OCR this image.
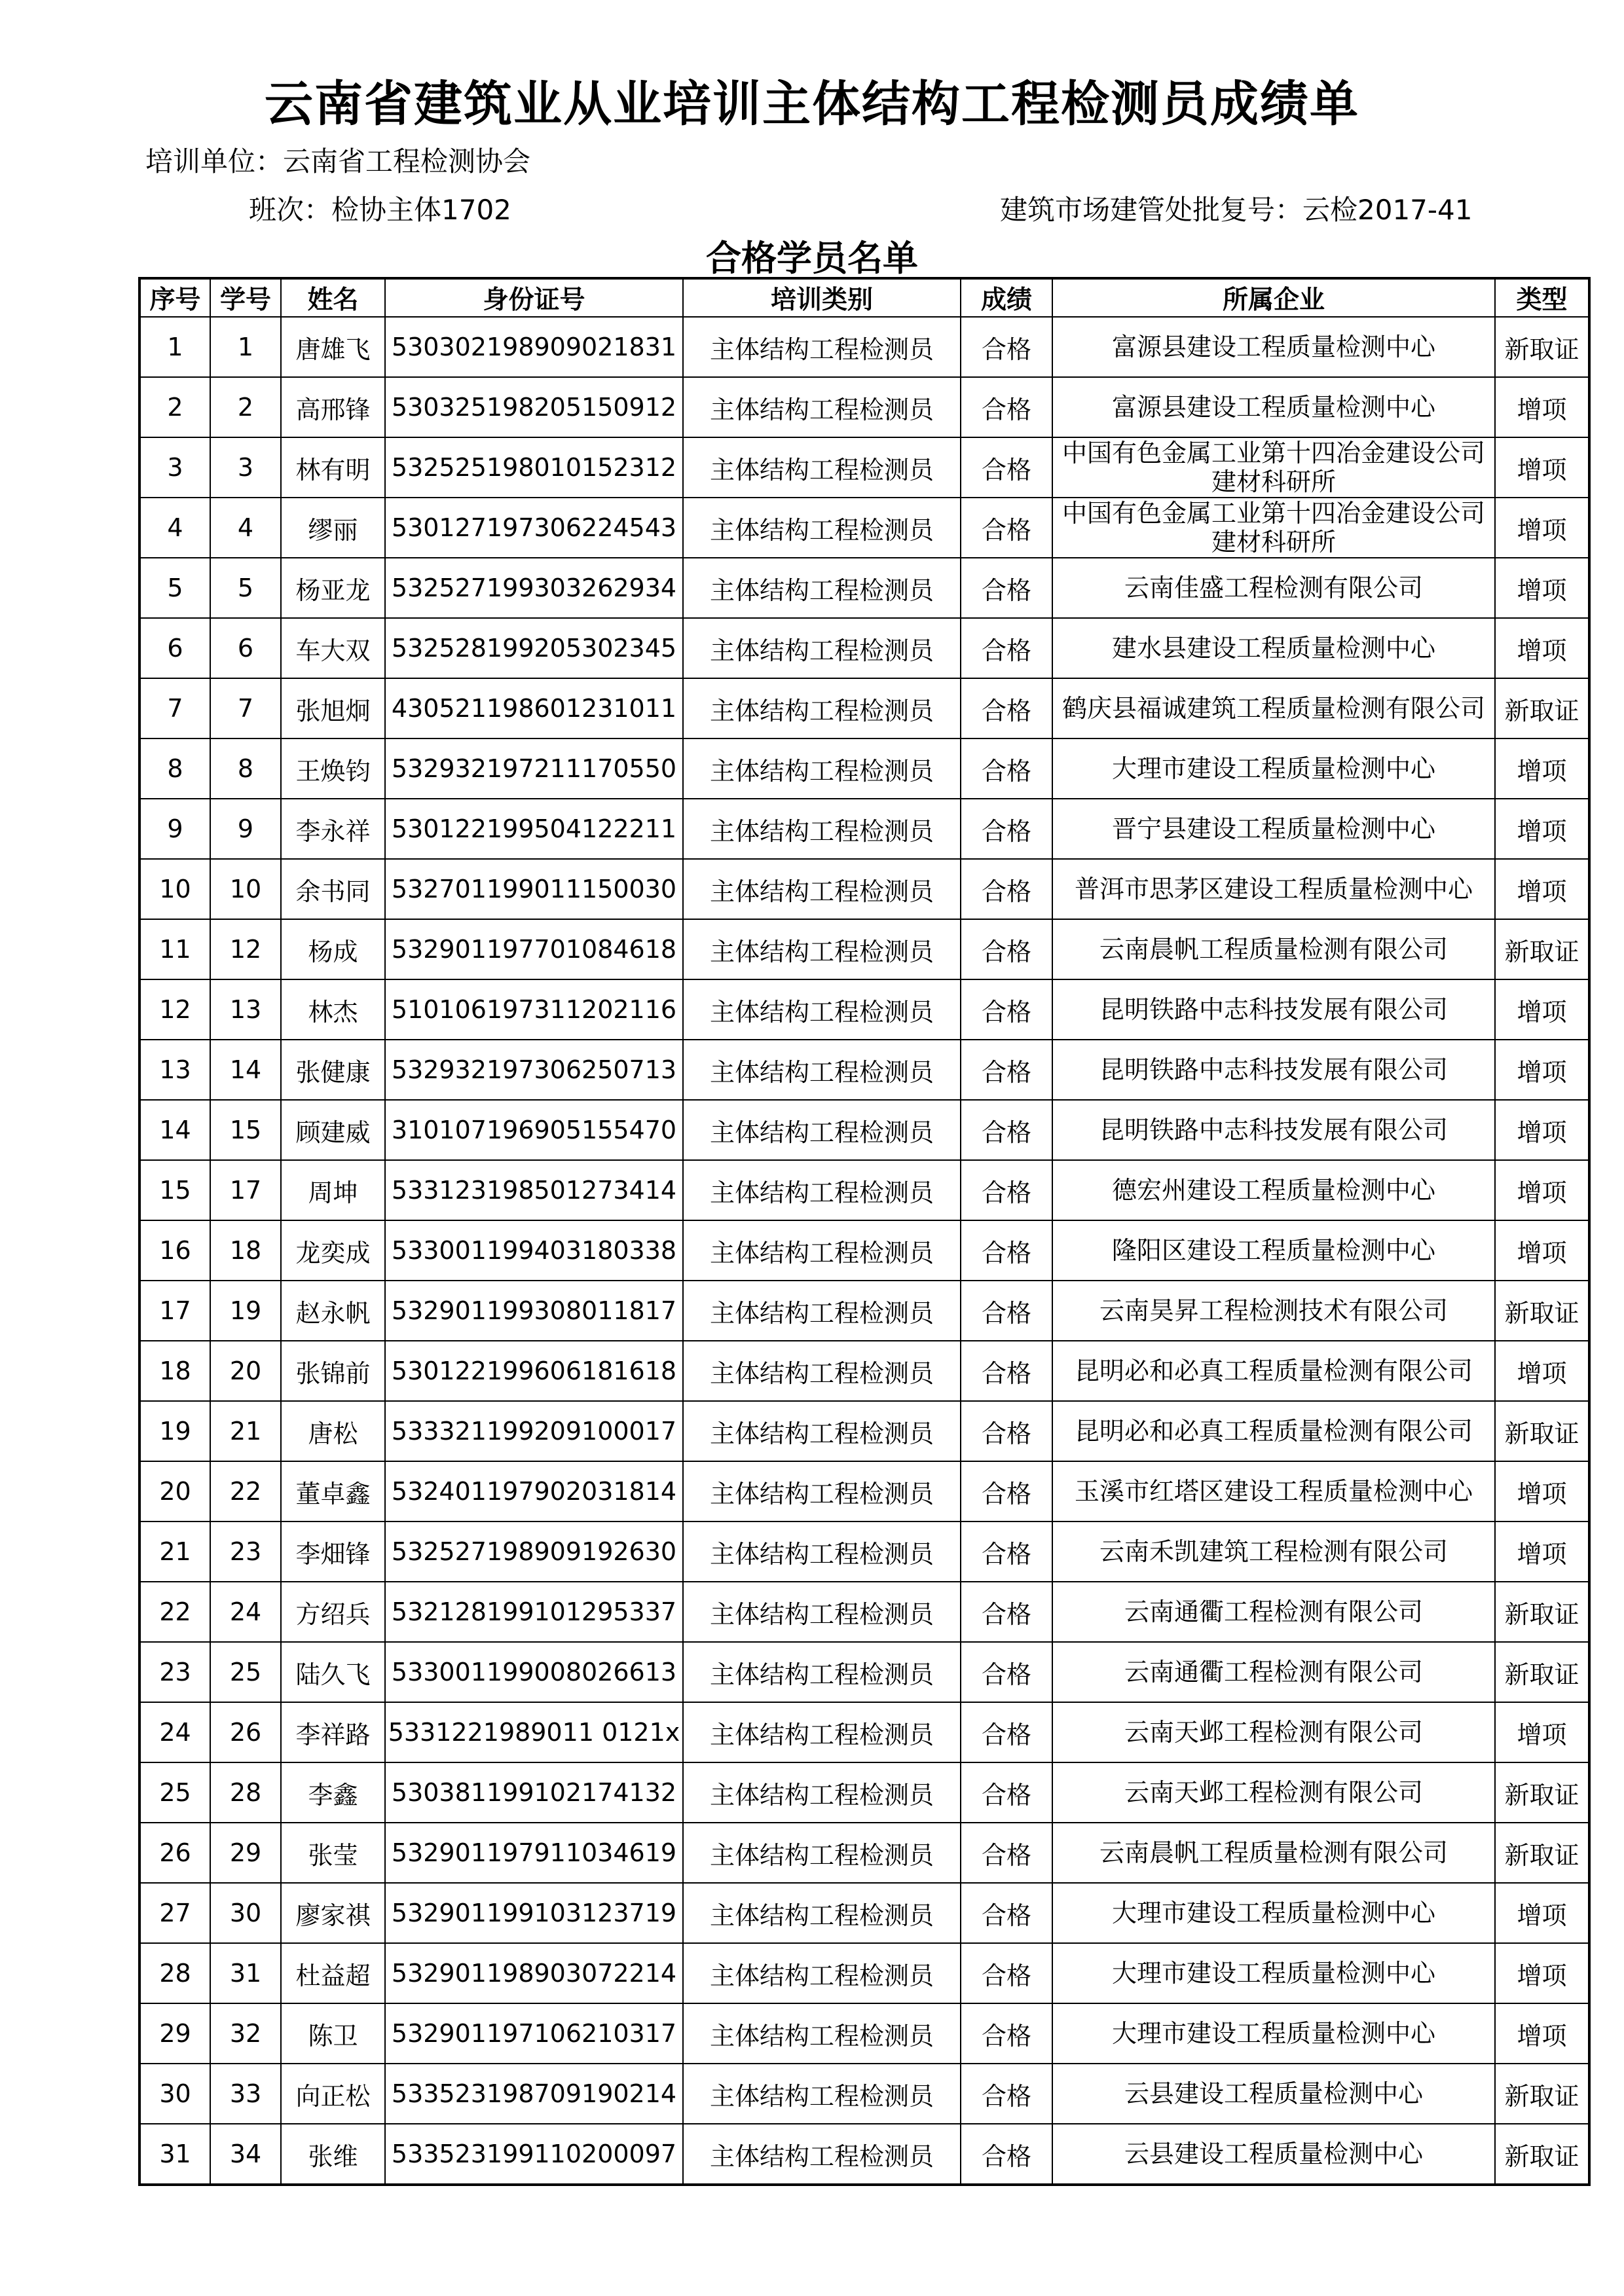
云南省建筑业从业培训主体结构工程检测员成绩单
培训单位：云南省工程检测协会
班次：检协主体1702	建筑市场建管处批复号：云检2017-41
合格学员名单
序号	学号	姓名	身份证号	培训类别	成绩	所属企业	类型
1	1	唐雄飞	530302198909021831	主体结构工程检测员	合格	富源县建设工程质量检测中心	新取证
2	2	高邢锋	530325198205150912	主体结构工程检测员	合格	富源县建设工程质量检测中心	增项
3	3	林有明	532525198010152312	主体结构工程检测员	合格	中国有色金属工业第十四冶金建设公司建材科研所	增项
4	4	缪丽	530127197306224543	主体结构工程检测员	合格	中国有色金属工业第十四冶金建设公司建材科研所	增项
5	5	杨亚龙	532527199303262934	主体结构工程检测员	合格	云南佳盛工程检测有限公司	增项
6	6	车大双	532528199205302345	主体结构工程检测员	合格	建水县建设工程质量检测中心	增项
7	7	张旭炯	430521198601231011	主体结构工程检测员	合格	鹤庆县福诚建筑工程质量检测有限公司	新取证
8	8	王焕钧	532932197211170550	主体结构工程检测员	合格	大理市建设工程质量检测中心	增项
9	9	李永祥	530122199504122211	主体结构工程检测员	合格	晋宁县建设工程质量检测中心	增项
10	10	余书同	532701199011150030	主体结构工程检测员	合格	普洱市思茅区建设工程质量检测中心	增项
11	12	杨成	532901197701084618	主体结构工程检测员	合格	云南晨帆工程质量检测有限公司	新取证
12	13	林杰	510106197311202116	主体结构工程检测员	合格	昆明铁路中志科技发展有限公司	增项
13	14	张健康	532932197306250713	主体结构工程检测员	合格	昆明铁路中志科技发展有限公司	增项
14	15	顾建威	310107196905155470	主体结构工程检测员	合格	昆明铁路中志科技发展有限公司	增项
15	17	周坤	533123198501273414	主体结构工程检测员	合格	德宏州建设工程质量检测中心	增项
16	18	龙奕成	533001199403180338	主体结构工程检测员	合格	隆阳区建设工程质量检测中心	增项
17	19	赵永帆	532901199308011817	主体结构工程检测员	合格	云南昊昇工程检测技术有限公司	新取证
18	20	张锦前	530122199606181618	主体结构工程检测员	合格	昆明必和必真工程质量检测有限公司	增项
19	21	唐松	533321199209100017	主体结构工程检测员	合格	昆明必和必真工程质量检测有限公司	新取证
20	22	董卓鑫	532401197902031814	主体结构工程检测员	合格	玉溪市红塔区建设工程质量检测中心	增项
21	23	李畑锋	532527198909192630	主体结构工程检测员	合格	云南禾凯建筑工程检测有限公司	增项
22	24	方绍兵	532128199101295337	主体结构工程检测员	合格	云南通衢工程检测有限公司	新取证
23	25	陆久飞	533001199008026613	主体结构工程检测员	合格	云南通衢工程检测有限公司	新取证
24	26	李祥路	5331221989011 0121x	主体结构工程检测员	合格	云南天邺工程检测有限公司	增项
25	28	李鑫	530381199102174132	主体结构工程检测员	合格	云南天邺工程检测有限公司	新取证
26	29	张莹	532901197911034619	主体结构工程检测员	合格	云南晨帆工程质量检测有限公司	新取证
27	30	廖家祺	532901199103123719	主体结构工程检测员	合格	大理市建设工程质量检测中心	增项
28	31	杜益超	532901198903072214	主体结构工程检测员	合格	大理市建设工程质量检测中心	增项
29	32	陈卫	532901197106210317	主体结构工程检测员	合格	大理市建设工程质量检测中心	增项
30	33	向正松	533523198709190214	主体结构工程检测员	合格	云县建设工程质量检测中心	新取证
31	34	张维	533523199110200097	主体结构工程检测员	合格	云县建设工程质量检测中心	新取证
